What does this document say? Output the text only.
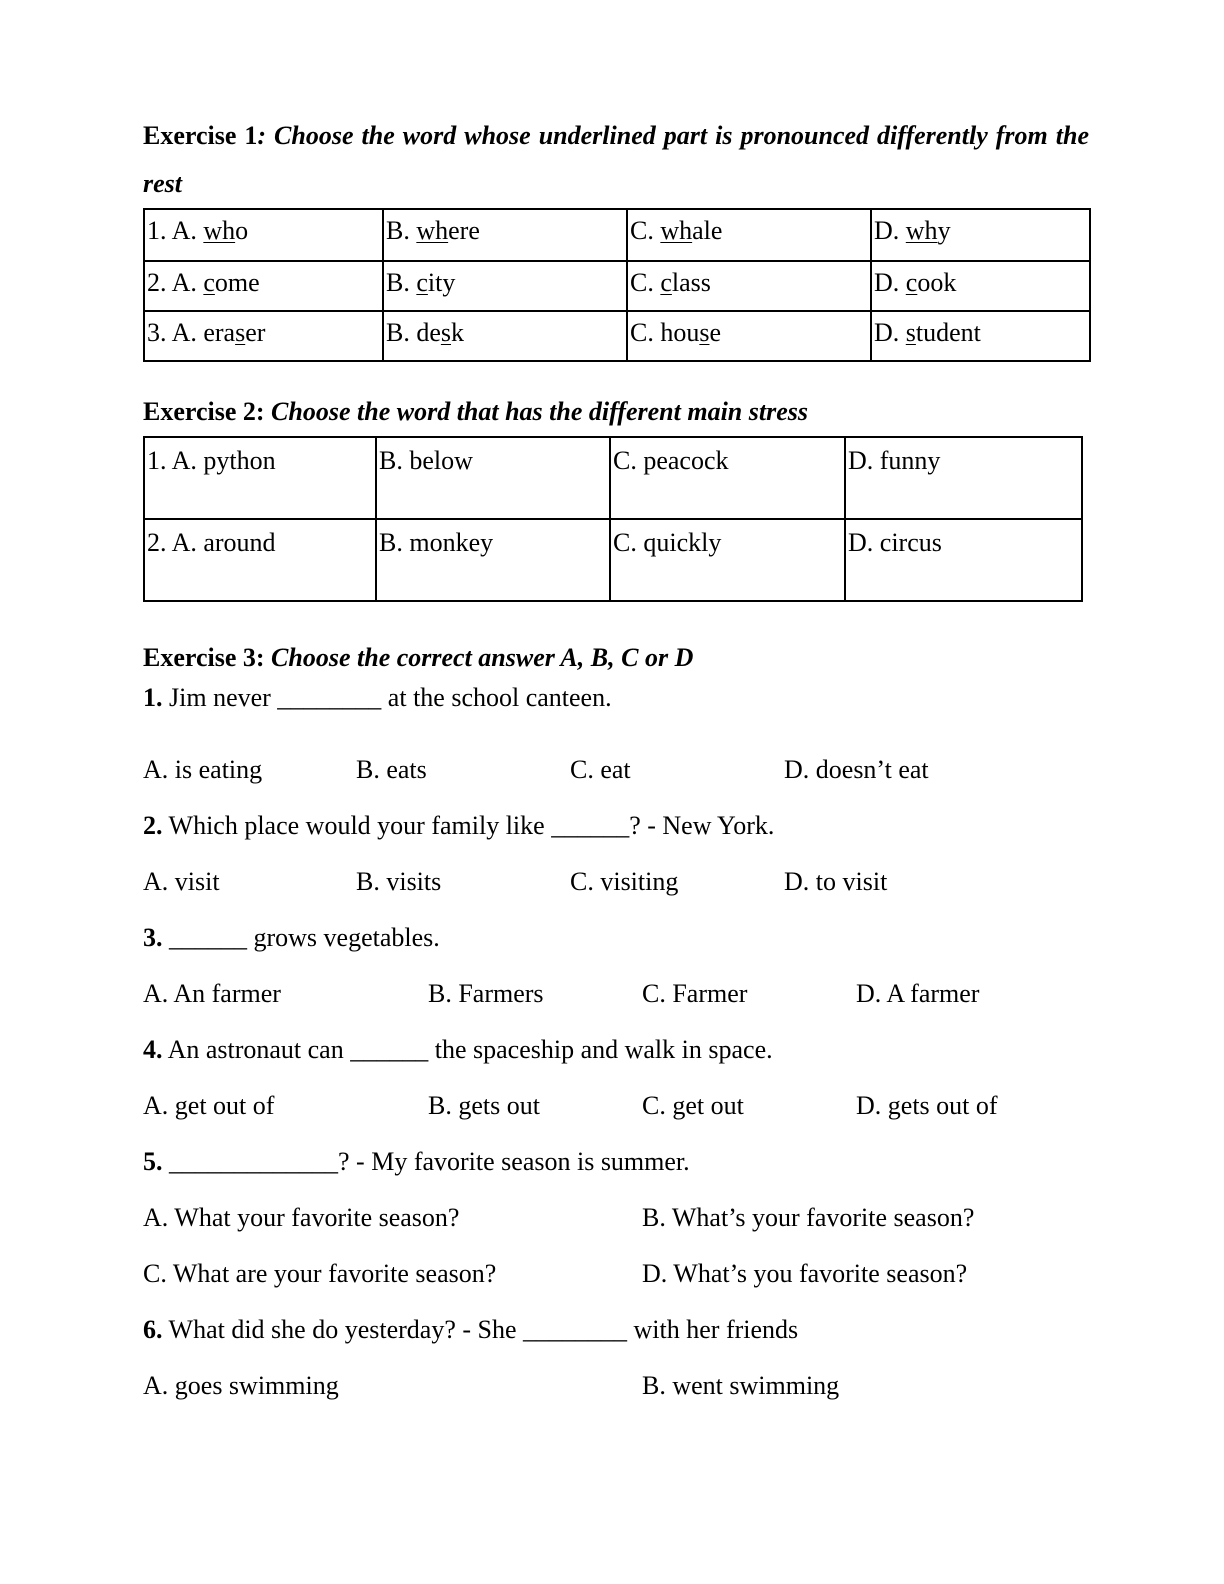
Exercise 1: Choose the word whose underlined part is pronounced differently from the rest

1. A. who	B. where	C. whale	D. why
2. A. come	B. city	C. class	D. cook
3. A. eraser	B. desk	C. house	D. student

Exercise 2: Choose the word that has the different main stress

1. A. python	B. below	C. peacock	D. funny
2. A. around	B. monkey	C. quickly	D. circus

Exercise 3: Choose the correct answer A, B, C or D

1. Jim never ________ at the school canteen.

A. is eating	B. eats	C. eat	D. doesn’t eat

2. Which place would your family like ______? - New York.

A. visit	B. visits	C. visiting	D. to visit

3. ______ grows vegetables.

A. An farmer	B. Farmers	C. Farmer	D. A farmer

4. An astronaut can ______ the spaceship and walk in space.

A. get out of	B. gets out	C. get out	D. gets out of

5. _____________? - My favorite season is summer.

A. What your favorite season?	B. What’s your favorite season?
C. What are your favorite season?	D. What’s you favorite season?

6. What did she do yesterday? - She ________ with her friends

A. goes swimming	B. went swimming
